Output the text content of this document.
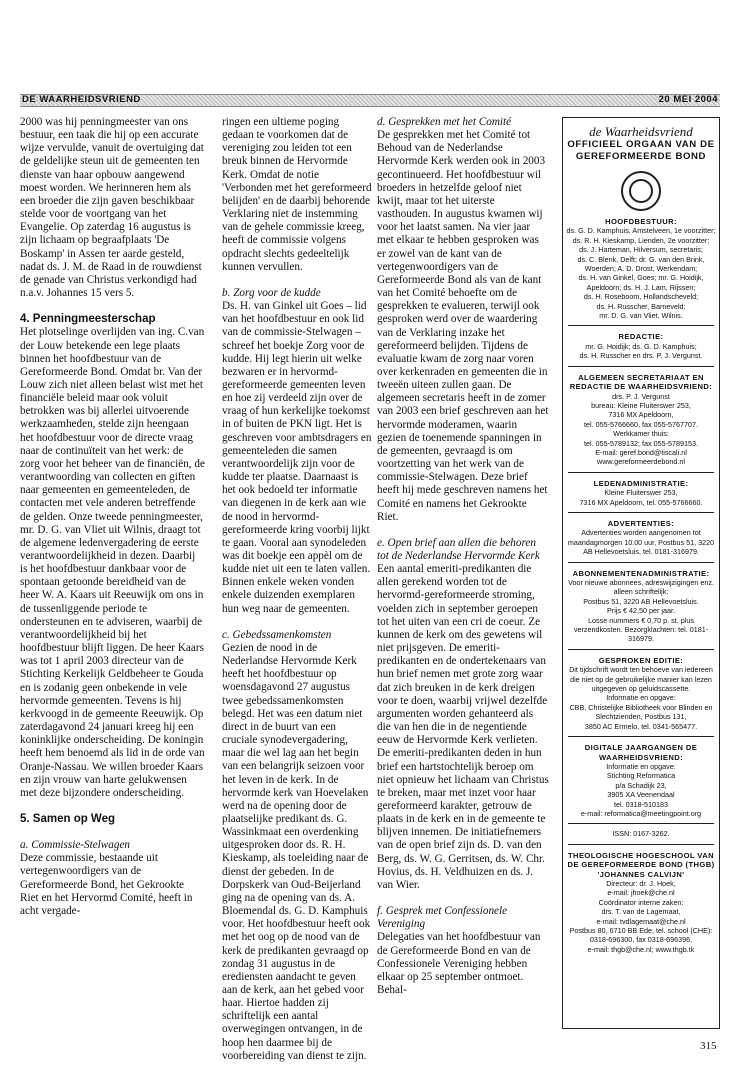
DE WAARHEIDSVRIEND	20 MEI 2004

2000 was hij penningmeester van ons bestuur, een taak die hij op een accurate wijze vervulde, vanuit de overtuiging dat de geldelijke steun uit de gemeenten ten dienste van haar opbouw aangewend moest worden. We herinneren hem als een broeder die zijn gaven beschikbaar stelde voor de voortgang van het Evangelie. Op zaterdag 16 augustus is zijn lichaam op begraafplaats 'De Boskamp' in Assen ter aarde gesteld, nadat ds. J. M. de Raad in de rouwdienst de genade van Christus verkondigd had n.a.v. Johannes 15 vers 5.

4. Penningmeesterschap

Het plotselinge overlijden van ing. C.van der Louw betekende een lege plaats binnen het hoofdbestuur van de Gereformeerde Bond. Omdat br. Van der Louw zich niet alleen belast wist met het financiële beleid maar ook voluit betrokken was bij allerlei uitvoerende werkzaamheden, stelde zijn heengaan het hoofdbestuur voor de directe vraag naar de continuïteit van het werk: de zorg voor het beheer van de financiën, de verantwoording van collecten en giften naar gemeenten en gemeenteleden, de contacten met vele anderen betreffende de gelden. Onze tweede penningmeester, mr. D. G. van Vliet uit Wilnis, draagt tot de algemene ledenvergadering de eerste verantwoordelijkheid in dezen. Daarbij is het hoofdbestuur dankbaar voor de spontaan getoonde bereidheid van de heer W. A. Kaars uit Reeuwijk om ons in de tussenliggende periode te ondersteunen en te adviseren, waarbij de verantwoordelijkheid bij het hoofdbestuur blijft liggen. De heer Kaars was tot 1 april 2003 directeur van de Stichting Kerkelijk Geldbeheer te Gouda en is zodanig geen onbekende in vele hervormde gemeenten. Tevens is hij kerkvoogd in de gemeente Reeuwijk. Op zaterdagavond 24 januari kreeg hij een koninklijke onderscheiding. De koningin heeft hem benoemd als lid in de orde van Oranje-Nassau. We willen broeder Kaars en zijn vrouw van harte gelukwensen met deze bijzondere onderscheiding.

5. Samen op Weg

a. Commissie-Stelwagen

Deze commissie, bestaande uit vertegenwoordigers van de Gereformeerde Bond, het Gekrookte Riet en het Hervormd Comité, heeft in acht vergade-

ringen een ultieme poging gedaan te voorkomen dat de vereniging zou leiden tot een breuk binnen de Hervormde Kerk. Omdat de notie 'Verbonden met het gereformeerd belijden' en de daarbij behorende Verklaring niet de instemming van de gehele commissie kreeg, heeft de commissie volgens opdracht slechts gedeeltelijk kunnen vervullen.

b. Zorg voor de kudde

Ds. H. van Ginkel uit Goes – lid van het hoofdbestuur en ook lid van de commissie-Stelwagen – schreef het boekje Zorg voor de kudde. Hij legt hierin uit welke bezwaren er in hervormd-gereformeerde gemeenten leven en hoe zij verdeeld zijn over de vraag of hun kerkelijke toekomst in of buiten de PKN ligt. Het is geschreven voor ambtsdragers en gemeenteleden die samen verantwoordelijk zijn voor de kudde ter plaatse. Daarnaast is het ook bedoeld ter informatie van diegenen in de kerk aan wie de nood in hervormd-gereformeerde kring voorbij lijkt te gaan. Vooral aan synodeleden was dit boekje een appèl om de kudde niet uit een te laten vallen. Binnen enkele weken vonden enkele duizenden exemplaren hun weg naar de gemeenten.

c. Gebedssamenkomsten

Gezien de nood in de Nederlandse Hervormde Kerk heeft het hoofdbestuur op woensdagavond 27 augustus twee gebedssamenkomsten belegd. Het was een datum niet direct in de buurt van een cruciale synodevergadering, maar die wel lag aan het begin van een belangrijk seizoen voor het leven in de kerk. In de hervormde kerk van Hoevelaken werd na de opening door de plaatselijke predikant ds. G. Wassinkmaat een overdenking uitgesproken door ds. R. H. Kieskamp, als toeleiding naar de dienst der gebeden. In de Dorpskerk van Oud-Beijerland ging na de opening van ds. A. Bloemendal ds. G. D. Kamphuis voor. Het hoofdbestuur heeft ook met het oog op de nood van de kerk de predikanten gevraagd op zondag 31 augustus in de erediensten aandacht te geven aan de kerk, aan het gebed voor haar. Hiertoe hadden zij schriftelijk een aantal overwegingen ontvangen, in de hoop hen daarmee bij de voorbereiding van dienst te zijn.

d. Gesprekken met het Comité

De gesprekken met het Comité tot Behoud van de Nederlandse Hervormde Kerk werden ook in 2003 gecontinueerd. Het hoofdbestuur wil broeders in hetzelfde geloof niet kwijt, maar tot het uiterste vasthouden. In augustus kwamen wij voor het laatst samen. Na vier jaar met elkaar te hebben gesproken was er zowel van de kant van de vertegenwoordigers van de Gereformeerde Bond als van de kant van het Comité behoefte om de gesprekken te evalueren, terwijl ook gesproken werd over de waardering van de Verklaring inzake het gereformeerd belijden. Tijdens de evaluatie kwam de zorg naar voren over kerkenraden en gemeenten die in tweeën uiteen zullen gaan. De algemeen secretaris heeft in de zomer van 2003 een brief geschreven aan het hervormde moderamen, waarin gezien de toenemende spanningen in de gemeenten, gevraagd is om voortzetting van het werk van de commissie-Stelwagen. Deze brief heeft hij mede geschreven namens het Comité en namens het Gekrookte Riet.

e. Open brief aan allen die behoren tot de Nederlandse Hervormde Kerk

Een aantal emeriti-predikanten die allen gerekend worden tot de hervormd-gereformeerde stroming, voelden zich in september geroepen tot het uiten van een cri de coeur. Ze kunnen de kerk om des gewetens wil niet prijsgeven. De emeriti-predikanten en de ondertekenaars van hun brief nemen met grote zorg waar dat zich breuken in de kerk dreigen voor te doen, waarbij vrijwel dezelfde argumenten worden gehanteerd als die van hen die in de negentiende eeuw de Hervormde Kerk verlieten. De emeriti-predikanten deden in hun brief een hartstochtelijk beroep om niet opnieuw het lichaam van Christus te breken, maar met inzet voor haar gereformeerd karakter, getrouw de plaats in de kerk en in de gemeente te blijven innemen. De initiatiefnemers van de open brief zijn ds. D. van den Berg, ds. W. G. Gerritsen, ds. W. Chr. Hovius, ds. H. Veldhuizen en ds. J. van Wier.

f. Gesprek met Confessionele Vereniging

Delegaties van het hoofdbestuur van de Gereformeerde Bond en van de Confessionele Vereniging hebben elkaar op 25 september ontmoet. Behal-

de Waarheidsvriend
OFFICIEEL ORGAAN VAN DE GEREFORMEERDE BOND
HOOFDBESTUUR:
ds. G. D. Kamphuis, Amstelveen, 1e voorzitter;
ds. R. H. Kieskamp, Lienden, 2e voorzitter;
ds. J. Harteman, Hilversum, secretaris;
ds. C. Blenk, Delft; dr. G. van den Brink, Woerden; A. D. Drost, Werkendam;
ds. H. van Ginkel, Goes; mr. G. Hoidijk, Apeldoorn; ds. H. J. Lam, Rijssen;
ds. H. Roseboom, Hollandscheveld;
ds. H. Russcher, Barneveld;
mr. D. G. van Vliet, Wilnis.
REDACTIE:
mr. G. Hoidijk; ds. G. D. Kamphuis;
ds. H. Russcher en drs. P. J. Vergunst.
ALGEMEEN SECRETARIAAT EN REDACTIE DE WAARHEIDSVRIEND:
drs. P. J. Vergunst
bureau: Kleine Fluiterswег 253,
7316 MX Apeldoorn,
tel. 055-5766660, fax 055-5767707.
Werkkamer thuis:
tel. 055-5789132; fax 055-5789153.
E-mail: geref.bond@tiscali.nl
www.gereformeerdebond.nl
LEDENADMINISTRATIE:
Kleine Fluiterswег 253,
7316 MX Apeldoorn, tel. 055-5766660.
ADVERTENTIES:
Advertenties worden aangenomen tot maandagmorgen 10.00 uur, Postbus 51, 3220 AB Hellevoetsluis, tel. 0181-316979.
ABONNEMENTENADMINISTRATIE:
Voor nieuwe abonnees, adreswijzigingen enz. alleen schriftelijk:
Postbus 51, 3220 AB Hellevoetsluis.
Prijs € 42,50 per jaar.
Losse nummers € 0,70 p. st. plus verzendkosten. Bezorgklachten: tel. 0181-316979.
GESPROKEN EDITIE:
Dit tijdschrift wordt ten behoeve van iedereen die niet op de gebruikelijke manier kan lezen uitgegeven op geluidscassette.
Informatie en opgave:
CBB, Christelijke Bibliotheek voor Blinden en Slechtzienden, Postbus 131,
3850 AC Ermelo, tel. 0341-565477.
DIGITALE JAARGANGEN DE WAARHEIDSVRIEND:
Informatie en opgave:
Stichting Reformatica
p/a Schadijk 23,
3905 XA Veenendaal
tel. 0318-510183
e-mail: reformatica@meetingpoint.org
ISSN: 0167-3262.
THEOLOGISCHE HOGESCHOOL VAN DE GEREFORMEERDE BOND (THGB) 'JOHANNES CALVIJN'
Directeur: dr. J. Hoek,
e-mail: jhoek@che.nl
Coördinator interne zaken:
drs. T. van de Lagemaat,
e-mail: tvdlagemaat@che.nl
Postbus 80, 6710 BB Ede, tel. school (CHE): 0318-696300, fax 0318-696396,
e-mail: thgb@che.nl; www.thgb.tk
315
